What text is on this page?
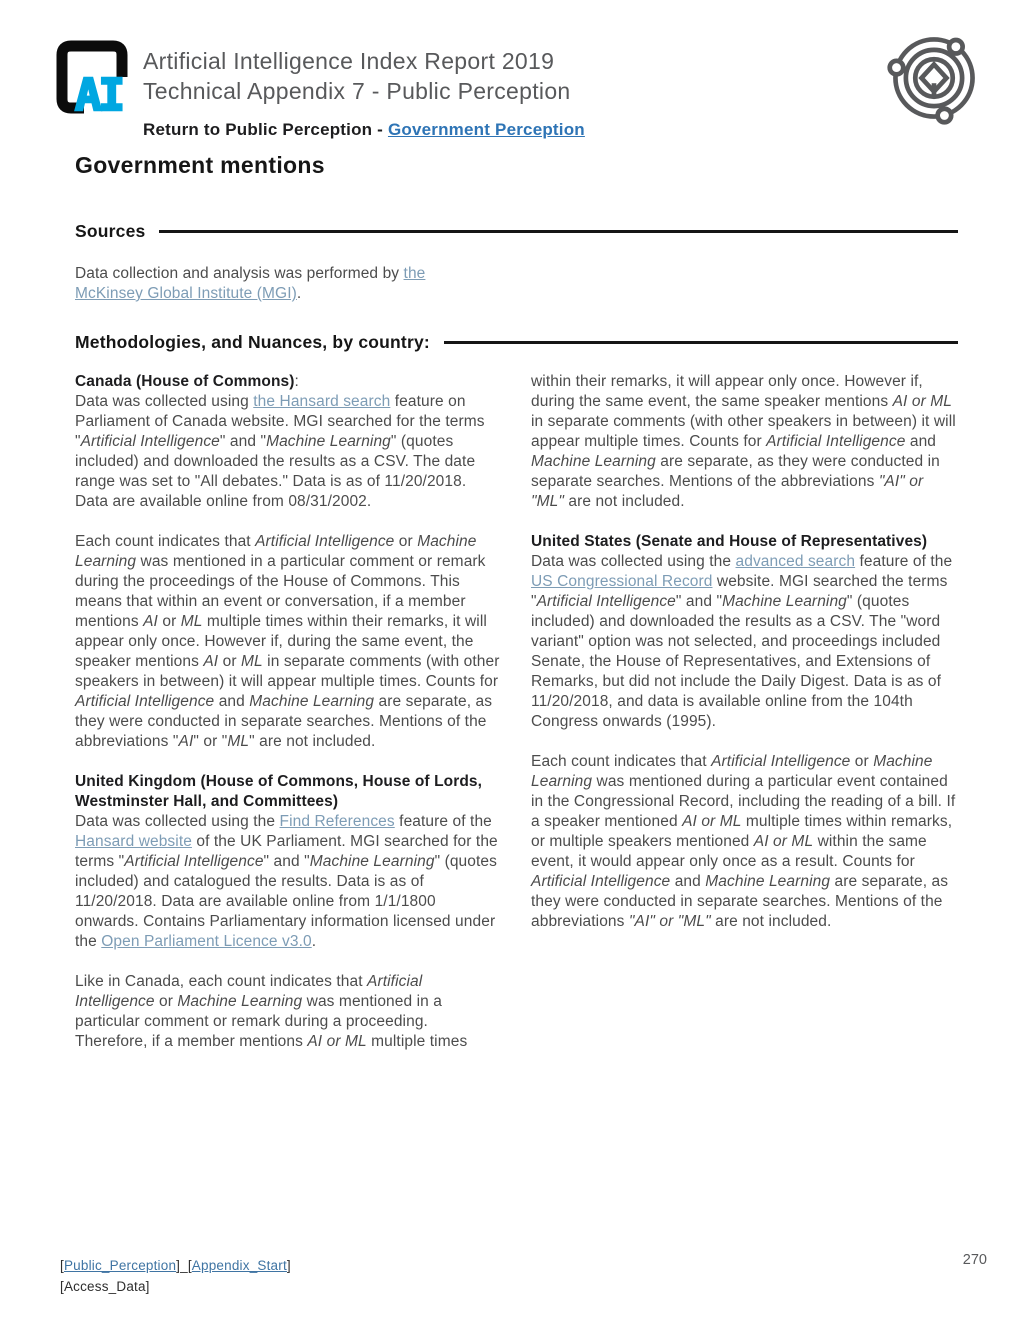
AI
Artificial Intelligence Index Report 2019
Technical Appendix 7 - Public Perception
Return to Public Perception - Government Perception
Government mentions
Sources

Data collection and analysis was performed by the
McKinsey Global Institute (MGI).

Methodologies, and Nuances, by country:
Canada (House of Commons):
Data was collected using the Hansard search feature on Parliament of Canada website. MGI searched for the terms "Artificial Intelligence" and "Machine Learning" (quotes included) and downloaded the results as a CSV. The date range was set to "All debates." Data is as of 11/20/2018. Data are available online from 08/31/2002.
Each count indicates that Artificial Intelligence or Machine Learning was mentioned in a particular comment or remark during the proceedings of the House of Commons. This means that within an event or conversation, if a member mentions AI or ML multiple times within their remarks, it will appear only once. However if, during the same event, the speaker mentions AI or ML in separate comments (with other speakers in between) it will appear multiple times. Counts for Artificial Intelligence and Machine Learning are separate, as they were conducted in separate searches. Mentions of the abbreviations "AI" or "ML" are not included.
United Kingdom (House of Commons, House of Lords, Westminster Hall, and Committees)
Data was collected using the Find References feature of the Hansard website of the UK Parliament. MGI searched for the terms "Artificial Intelligence" and "Machine Learning" (quotes included) and catalogued the results. Data is as of 11/20/2018. Data are available online from 1/1/1800 onwards. Contains Parliamentary information licensed under the Open Parliament Licence v3.0.
Like in Canada, each count indicates that Artificial Intelligence or Machine Learning was mentioned in a particular comment or remark during a proceeding. Therefore, if a member mentions AI or ML multiple times
within their remarks, it will appear only once. However if, during the same event, the same speaker mentions AI or ML in separate comments (with other speakers in between) it will appear multiple times. Counts for Artificial Intelligence and Machine Learning are separate, as they were conducted in separate searches. Mentions of the abbreviations "AI" or "ML" are not included.
United States (Senate and House of Representatives)
Data was collected using the advanced search feature of the US Congressional Record website. MGI searched the terms "Artificial Intelligence" and "Machine Learning" (quotes included) and downloaded the results as a CSV. The "word variant" option was not selected, and proceedings included Senate, the House of Representatives, and Extensions of Remarks, but did not include the Daily Digest. Data is as of 11/20/2018, and data is available online from the 104th Congress onwards (1995).
Each count indicates that Artificial Intelligence or Machine Learning was mentioned during a particular event contained in the Congressional Record, including the reading of a bill. If a speaker mentioned AI or ML multiple times within remarks, or multiple speakers mentioned AI or ML within the same event, it would appear only once as a result. Counts for Artificial Intelligence and Machine Learning are separate, as they were conducted in separate searches. Mentions of the abbreviations "AI" or "ML" are not included.
[Public_Perception]_[Appendix_Start]
[Access_Data]
270
